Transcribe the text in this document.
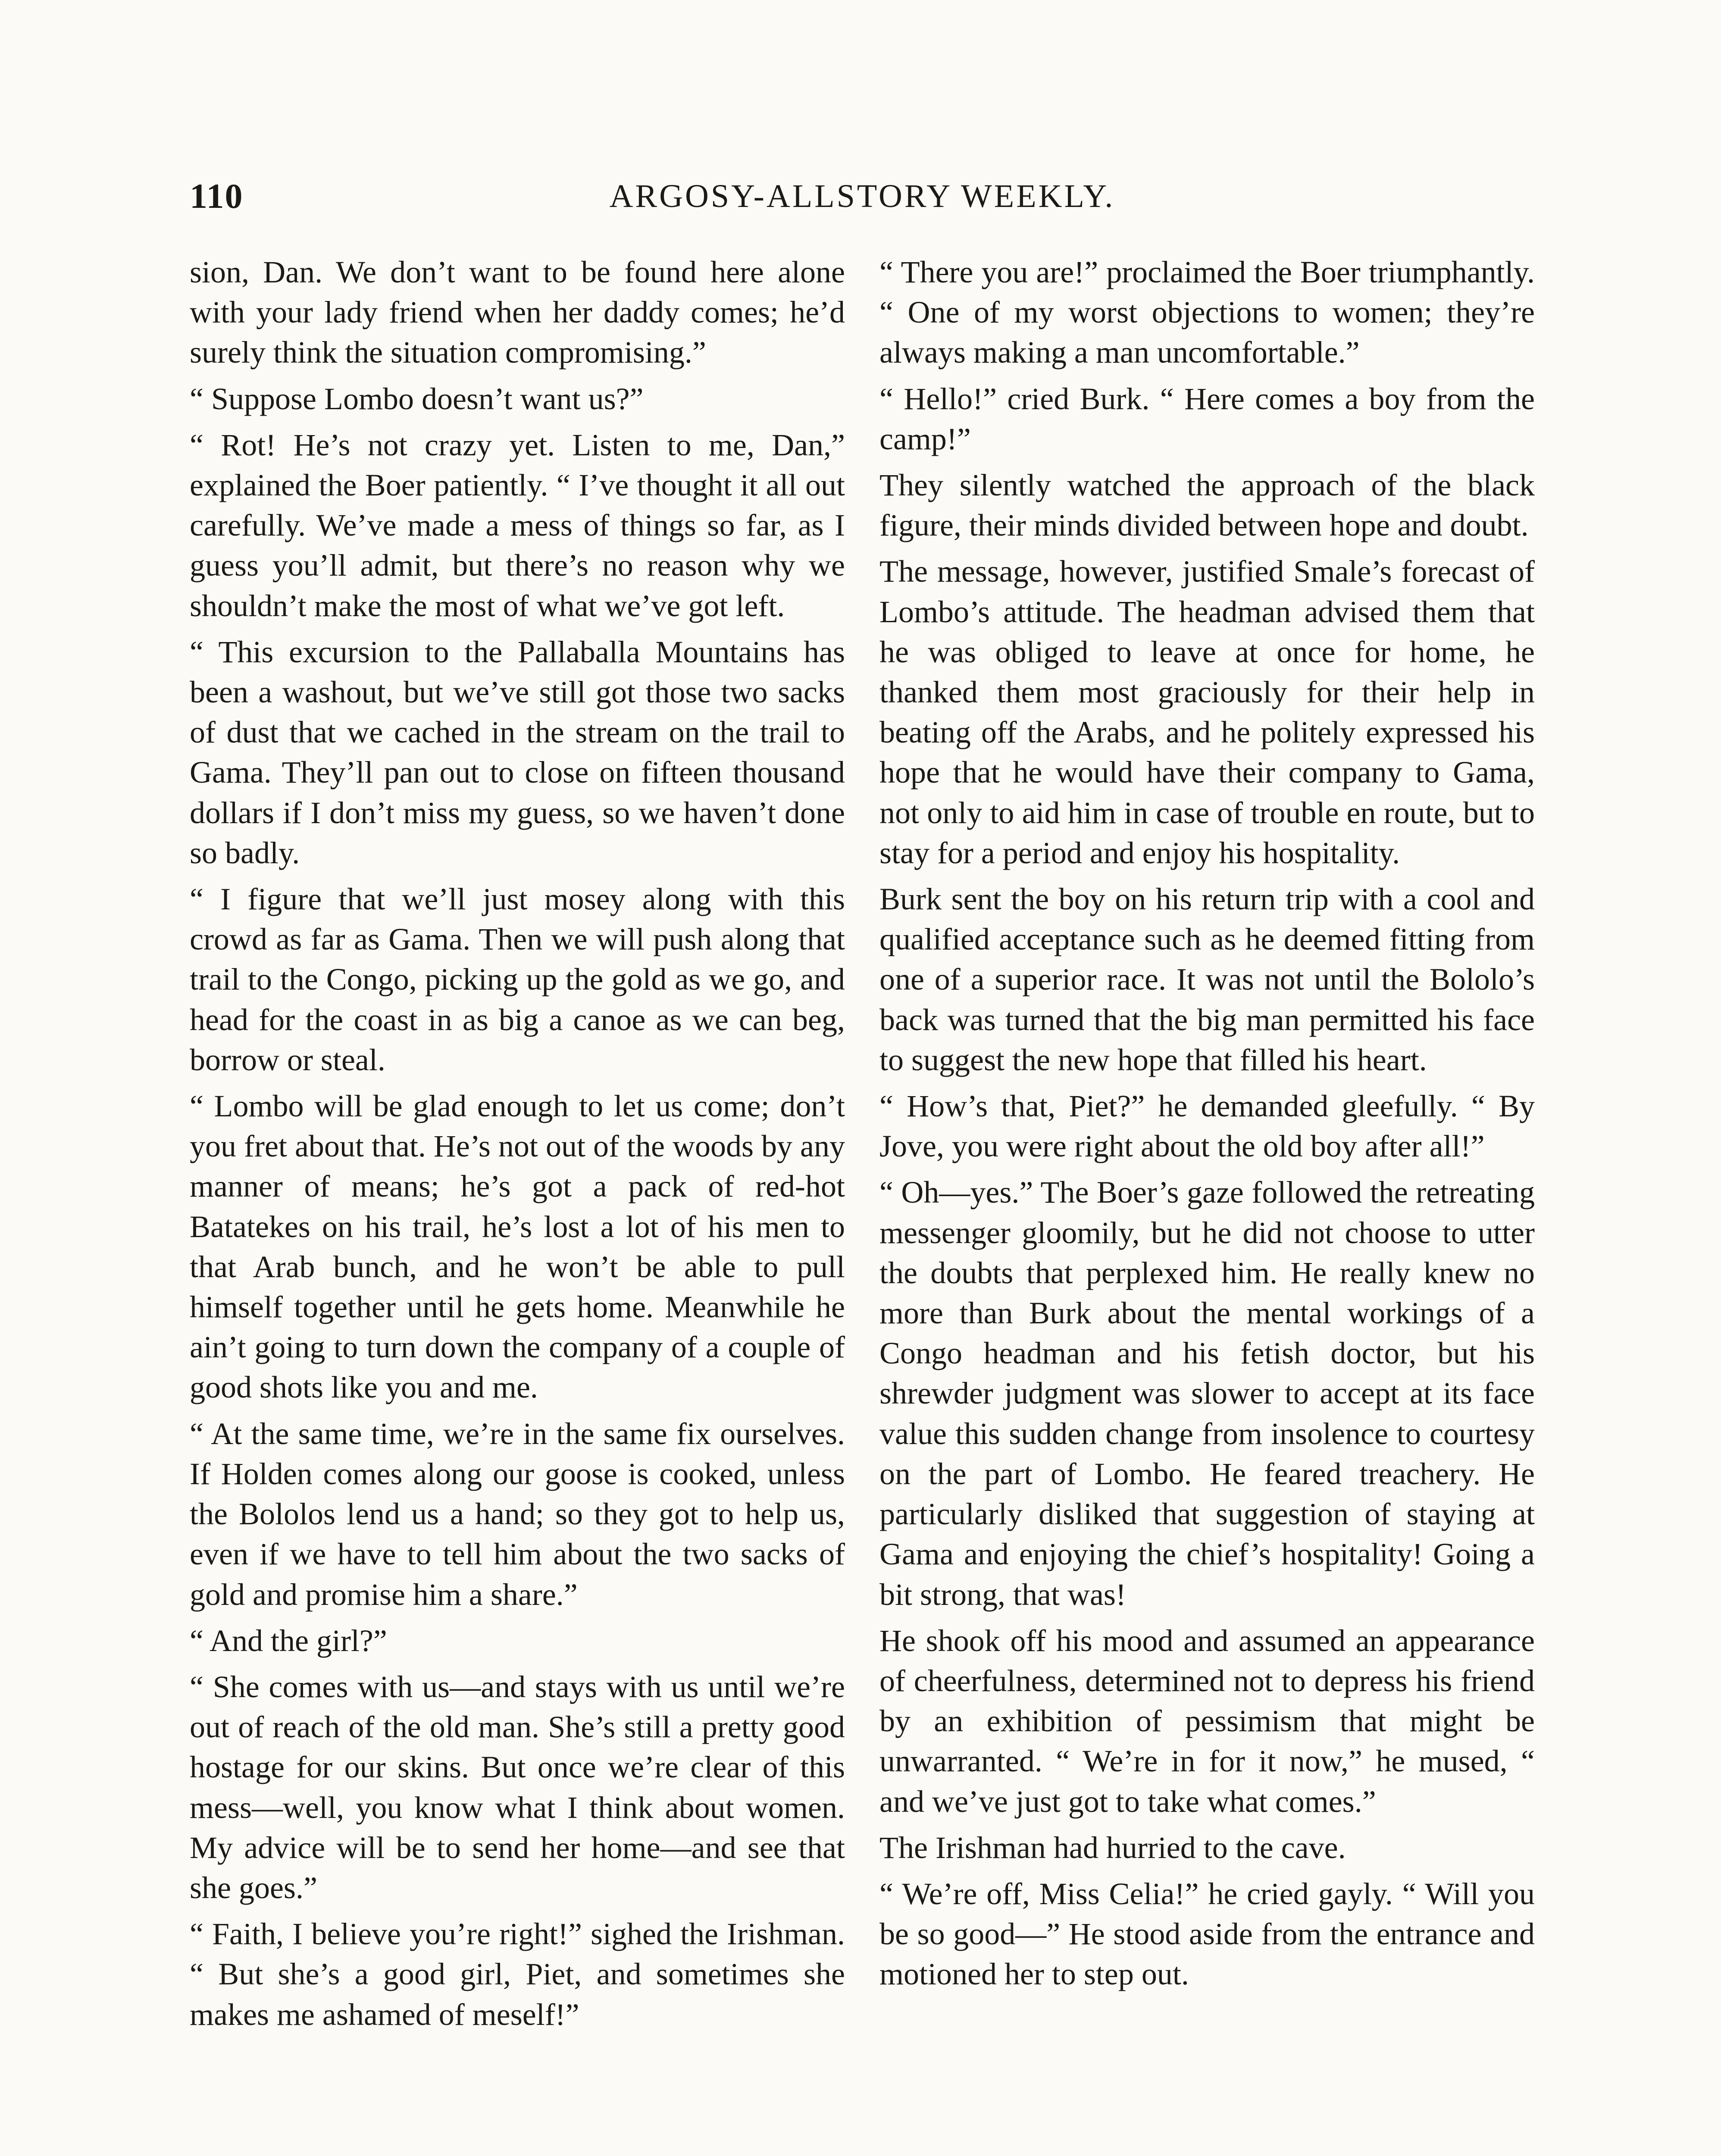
110	ARGOSY-ALLSTORY WEEKLY.

sion, Dan. We don’t want to be found here alone with your lady friend when her daddy comes; he’d surely think the situation compromising.”

“ Suppose Lombo doesn’t want us?”

“ Rot! He’s not crazy yet. Listen to me, Dan,” explained the Boer patiently. “ I’ve thought it all out carefully. We’ve made a mess of things so far, as I guess you’ll admit, but there’s no reason why we shouldn’t make the most of what we’ve got left.

“ This excursion to the Pallaballa Mountains has been a washout, but we’ve still got those two sacks of dust that we cached in the stream on the trail to Gama. They’ll pan out to close on fifteen thousand dollars if I don’t miss my guess, so we haven’t done so badly.

“ I figure that we’ll just mosey along with this crowd as far as Gama. Then we will push along that trail to the Congo, picking up the gold as we go, and head for the coast in as big a canoe as we can beg, borrow or steal.

“ Lombo will be glad enough to let us come; don’t you fret about that. He’s not out of the woods by any manner of means; he’s got a pack of red-hot Batatekes on his trail, he’s lost a lot of his men to that Arab bunch, and he won’t be able to pull himself together until he gets home. Meanwhile he ain’t going to turn down the company of a couple of good shots like you and me.

“ At the same time, we’re in the same fix ourselves. If Holden comes along our goose is cooked, unless the Bololos lend us a hand; so they got to help us, even if we have to tell him about the two sacks of gold and promise him a share.”

“ And the girl?”

“ She comes with us—and stays with us until we’re out of reach of the old man. She’s still a pretty good hostage for our skins. But once we’re clear of this mess—well, you know what I think about women. My advice will be to send her home—and see that she goes.”

“ Faith, I believe you’re right!” sighed the Irishman. “ But she’s a good girl, Piet, and sometimes she makes me ashamed of meself!”

“ There you are!” proclaimed the Boer triumphantly. “ One of my worst objections to women; they’re always making a man uncomfortable.”

“ Hello!” cried Burk. “ Here comes a boy from the camp!”

They silently watched the approach of the black figure, their minds divided between hope and doubt.

The message, however, justified Smale’s forecast of Lombo’s attitude. The headman advised them that he was obliged to leave at once for home, he thanked them most graciously for their help in beating off the Arabs, and he politely expressed his hope that he would have their company to Gama, not only to aid him in case of trouble en route, but to stay for a period and enjoy his hospitality.

Burk sent the boy on his return trip with a cool and qualified acceptance such as he deemed fitting from one of a superior race. It was not until the Bololo’s back was turned that the big man permitted his face to suggest the new hope that filled his heart.

“ How’s that, Piet?” he demanded gleefully. “ By Jove, you were right about the old boy after all!”

“ Oh—yes.” The Boer’s gaze followed the retreating messenger gloomily, but he did not choose to utter the doubts that perplexed him. He really knew no more than Burk about the mental workings of a Congo headman and his fetish doctor, but his shrewder judgment was slower to accept at its face value this sudden change from insolence to courtesy on the part of Lombo. He feared treachery. He particularly disliked that suggestion of staying at Gama and enjoying the chief’s hospitality! Going a bit strong, that was!

He shook off his mood and assumed an appearance of cheerfulness, determined not to depress his friend by an exhibition of pessimism that might be unwarranted. “ We’re in for it now,” he mused, “ and we’ve just got to take what comes.”

The Irishman had hurried to the cave.

“ We’re off, Miss Celia!” he cried gayly. “ Will you be so good—” He stood aside from the entrance and motioned her to step out.
